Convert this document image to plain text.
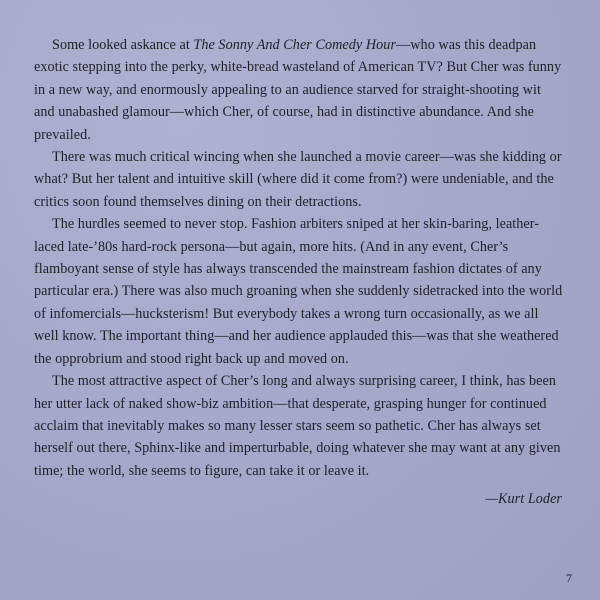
Some looked askance at The Sonny And Cher Comedy Hour—who was this deadpan exotic stepping into the perky, white-bread wasteland of American TV? But Cher was funny in a new way, and enormously appealing to an audience starved for straight-shooting wit and unabashed glamour—which Cher, of course, had in distinctive abundance. And she prevailed.

There was much critical wincing when she launched a movie career—was she kidding or what? But her talent and intuitive skill (where did it come from?) were undeniable, and the critics soon found themselves dining on their detractions.

The hurdles seemed to never stop. Fashion arbiters sniped at her skin-baring, leather-laced late-’80s hard-rock persona—but again, more hits. (And in any event, Cher’s flamboyant sense of style has always transcended the mainstream fashion dictates of any particular era.) There was also much groaning when she suddenly sidetracked into the world of infomercials—hucksterism! But everybody takes a wrong turn occasionally, as we all well know. The important thing—and her audience applauded this—was that she weathered the opprobrium and stood right back up and moved on.

The most attractive aspect of Cher’s long and always surprising career, I think, has been her utter lack of naked show-biz ambition—that desperate, grasping hunger for continued acclaim that inevitably makes so many lesser stars seem so pathetic. Cher has always set herself out there, Sphinx-like and imperturbable, doing whatever she may want at any given time; the world, she seems to figure, can take it or leave it.

—Kurt Loder

7
